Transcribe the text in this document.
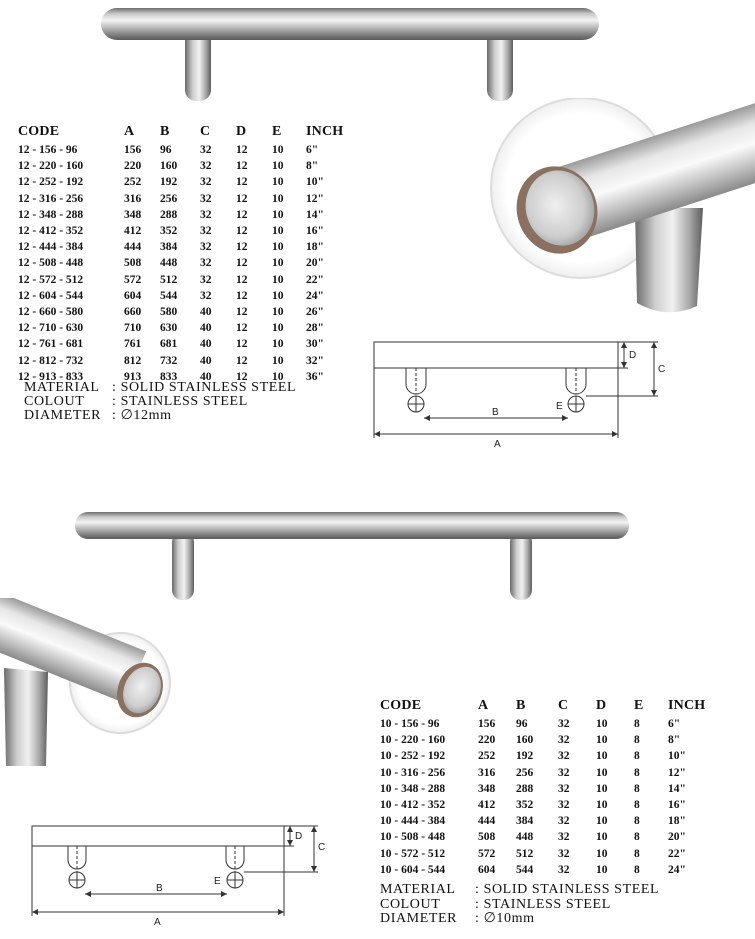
CODE	A	B	C	D	E	INCH
12 - 156 - 96	156	96	32	12	10	6"
12 - 220 - 160	220	160	32	12	10	8"
12 - 252 - 192	252	192	32	12	10	10"
12 - 316 - 256	316	256	32	12	10	12"
12 - 348 - 288	348	288	32	12	10	14"
12 - 412 - 352	412	352	32	12	10	16"
12 - 444 - 384	444	384	32	12	10	18"
12 - 508 - 448	508	448	32	12	10	20"
12 - 572 - 512	572	512	32	12	10	22"
12 - 604 - 544	604	544	32	12	10	24"
12 - 660 - 580	660	580	40	12	10	26"
12 - 710 - 630	710	630	40	12	10	28"
12 - 761 - 681	761	681	40	12	10	30"
12 - 812 - 732	812	732	40	12	10	32"
12 - 913 - 833	913	833	40	12	10	36"
MATERIAL : SOLID STAINLESS STEEL
COLOUT	: STAINLESS STEEL
DIAMETER : ∅12mm	B
A
D
C
E
CODE	A	B	C	D	E	INCH
10 - 156 - 96	156	96	32	10	8	6"
10 - 220 - 160	220	160	32	10	8	8"
10 - 252 - 192	252	192	32	10	8	10"
10 - 316 - 256	316	256	32	10	8	12"
10 - 348 - 288	348	288	32	10	8	14"
10 - 412 - 352	412	352	32	10	8	16"
10 - 444 - 384	444	384	32	10	8	18"
10 - 508 - 448	508	448	32	10	8	20"
10 - 572 - 512	572	512	32	10	8	22"
10 - 604 - 544	604	544	32	10	8	24"
MATERIAL	: SOLID STAINLESS STEEL
COLOUT	: STAINLESS STEEL
DIAMETER	: ∅10mm
B
A
D
C
E
